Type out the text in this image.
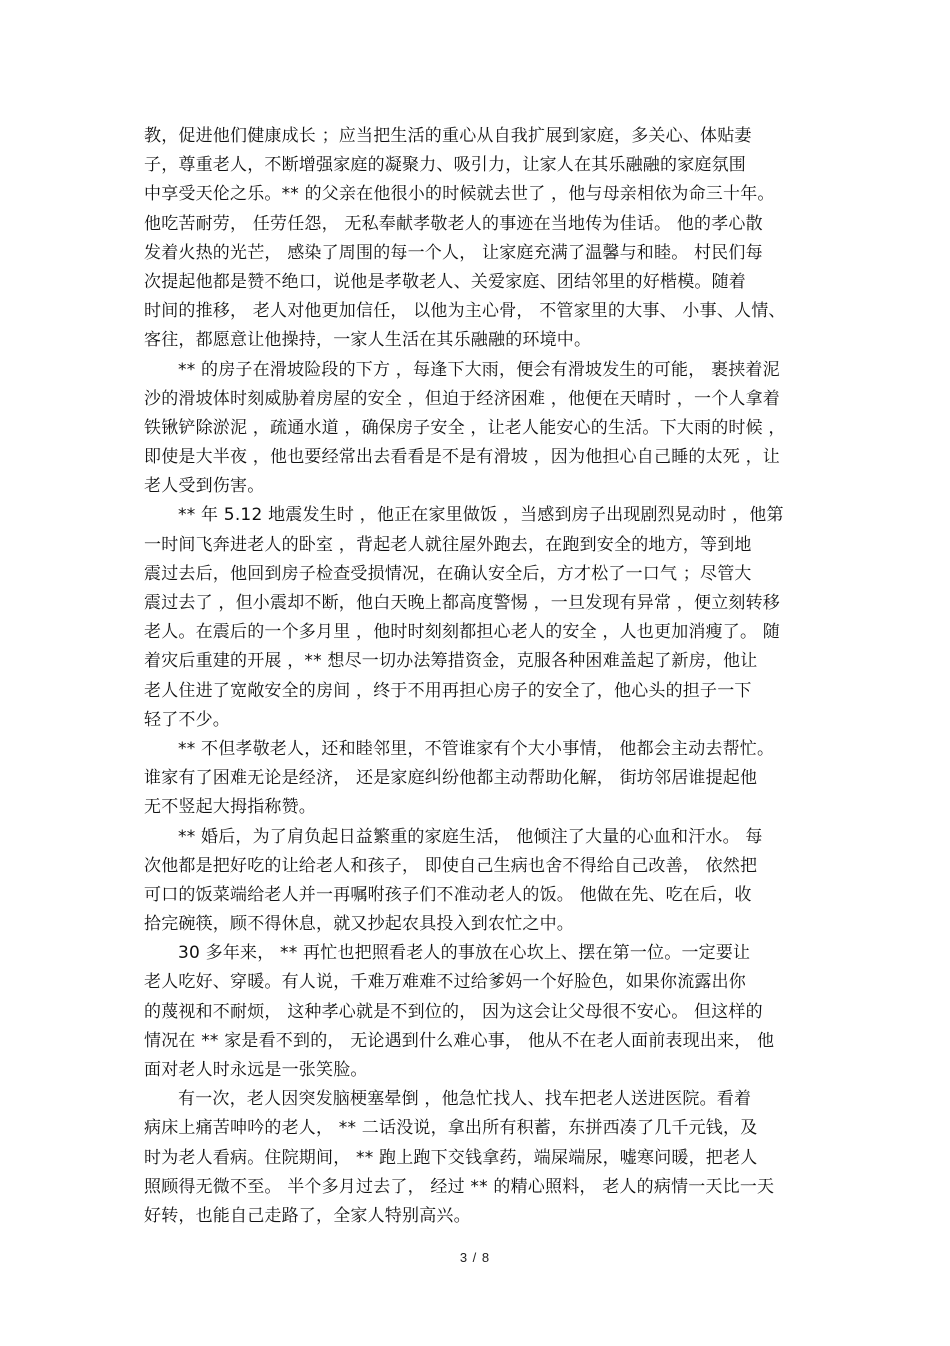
教，促进他们健康成长 ；应当把生活的重心从自我扩展到家庭，多关心、体贴妻
子，尊重老人，不断增强家庭的凝聚力、吸引力，让家人在其乐融融的家庭氛围
中享受天伦之乐。** 的父亲在他很小的时候就去世了 ，他与母亲相依为命三十年。
他吃苦耐劳， 任劳任怨， 无私奉献孝敬老人的事迹在当地传为佳话。 他的孝心散
发着火热的光芒， 感染了周围的每一个人， 让家庭充满了温馨与和睦。 村民们每
次提起他都是赞不绝口，说他是孝敬老人、关爱家庭、团结邻里的好楷模。随着
时间的推移， 老人对他更加信任， 以他为主心骨， 不管家里的大事、 小事、人情、
客往，都愿意让他操持，一家人生活在其乐融融的环境中。
** 的房子在滑坡险段的下方 ，每逢下大雨，便会有滑坡发生的可能， 裹挟着泥
沙的滑坡体时刻威胁着房屋的安全 ，但迫于经济困难 ，他便在天晴时 ，一个人拿着
铁锹铲除淤泥 ，疏通水道 ，确保房子安全 ，让老人能安心的生活。下大雨的时候 ，
即使是大半夜 ，他也要经常出去看看是不是有滑坡 ，因为他担心自己睡的太死 ，让
老人受到伤害。
** 年 5.12 地震发生时 ，他正在家里做饭 ，当感到房子出现剧烈晃动时 ，他第
一时间飞奔进老人的卧室 ，背起老人就往屋外跑去，在跑到安全的地方，等到地
震过去后，他回到房子检查受损情况，在确认安全后，方才松了一口气 ；尽管大
震过去了 ，但小震却不断，他白天晚上都高度警惕 ，一旦发现有异常 ，便立刻转移
老人。在震后的一个多月里 ，他时时刻刻都担心老人的安全 ，人也更加消瘦了。 随
着灾后重建的开展 ，** 想尽一切办法筹措资金，克服各种困难盖起了新房，他让
老人住进了宽敞安全的房间 ，终于不用再担心房子的安全了，他心头的担子一下
轻了不少。
** 不但孝敬老人，还和睦邻里，不管谁家有个大小事情， 他都会主动去帮忙。
谁家有了困难无论是经济， 还是家庭纠纷他都主动帮助化解， 街坊邻居谁提起他
无不竖起大拇指称赞。
** 婚后，为了肩负起日益繁重的家庭生活， 他倾注了大量的心血和汗水。 每
次他都是把好吃的让给老人和孩子， 即使自己生病也舍不得给自己改善， 依然把
可口的饭菜端给老人并一再嘱咐孩子们不准动老人的饭。 他做在先、吃在后，收
拾完碗筷，顾不得休息，就又抄起农具投入到农忙之中。
30 多年来， ** 再忙也把照看老人的事放在心坎上、摆在第一位。一定要让
老人吃好、穿暖。有人说，千难万难难不过给爹妈一个好脸色，如果你流露出你
的蔑视和不耐烦， 这种孝心就是不到位的， 因为这会让父母很不安心。 但这样的
情况在 ** 家是看不到的， 无论遇到什么难心事， 他从不在老人面前表现出来， 他
面对老人时永远是一张笑脸。
有一次，老人因突发脑梗塞晕倒 ，他急忙找人、找车把老人送进医院。看着
病床上痛苦呻吟的老人， ** 二话没说，拿出所有积蓄，东拼西凑了几千元钱，及
时为老人看病。住院期间， ** 跑上跑下交钱拿药，端屎端尿，嘘寒问暖，把老人
照顾得无微不至。 半个多月过去了， 经过 ** 的精心照料， 老人的病情一天比一天
好转，也能自己走路了，全家人特别高兴。
3 / 8
